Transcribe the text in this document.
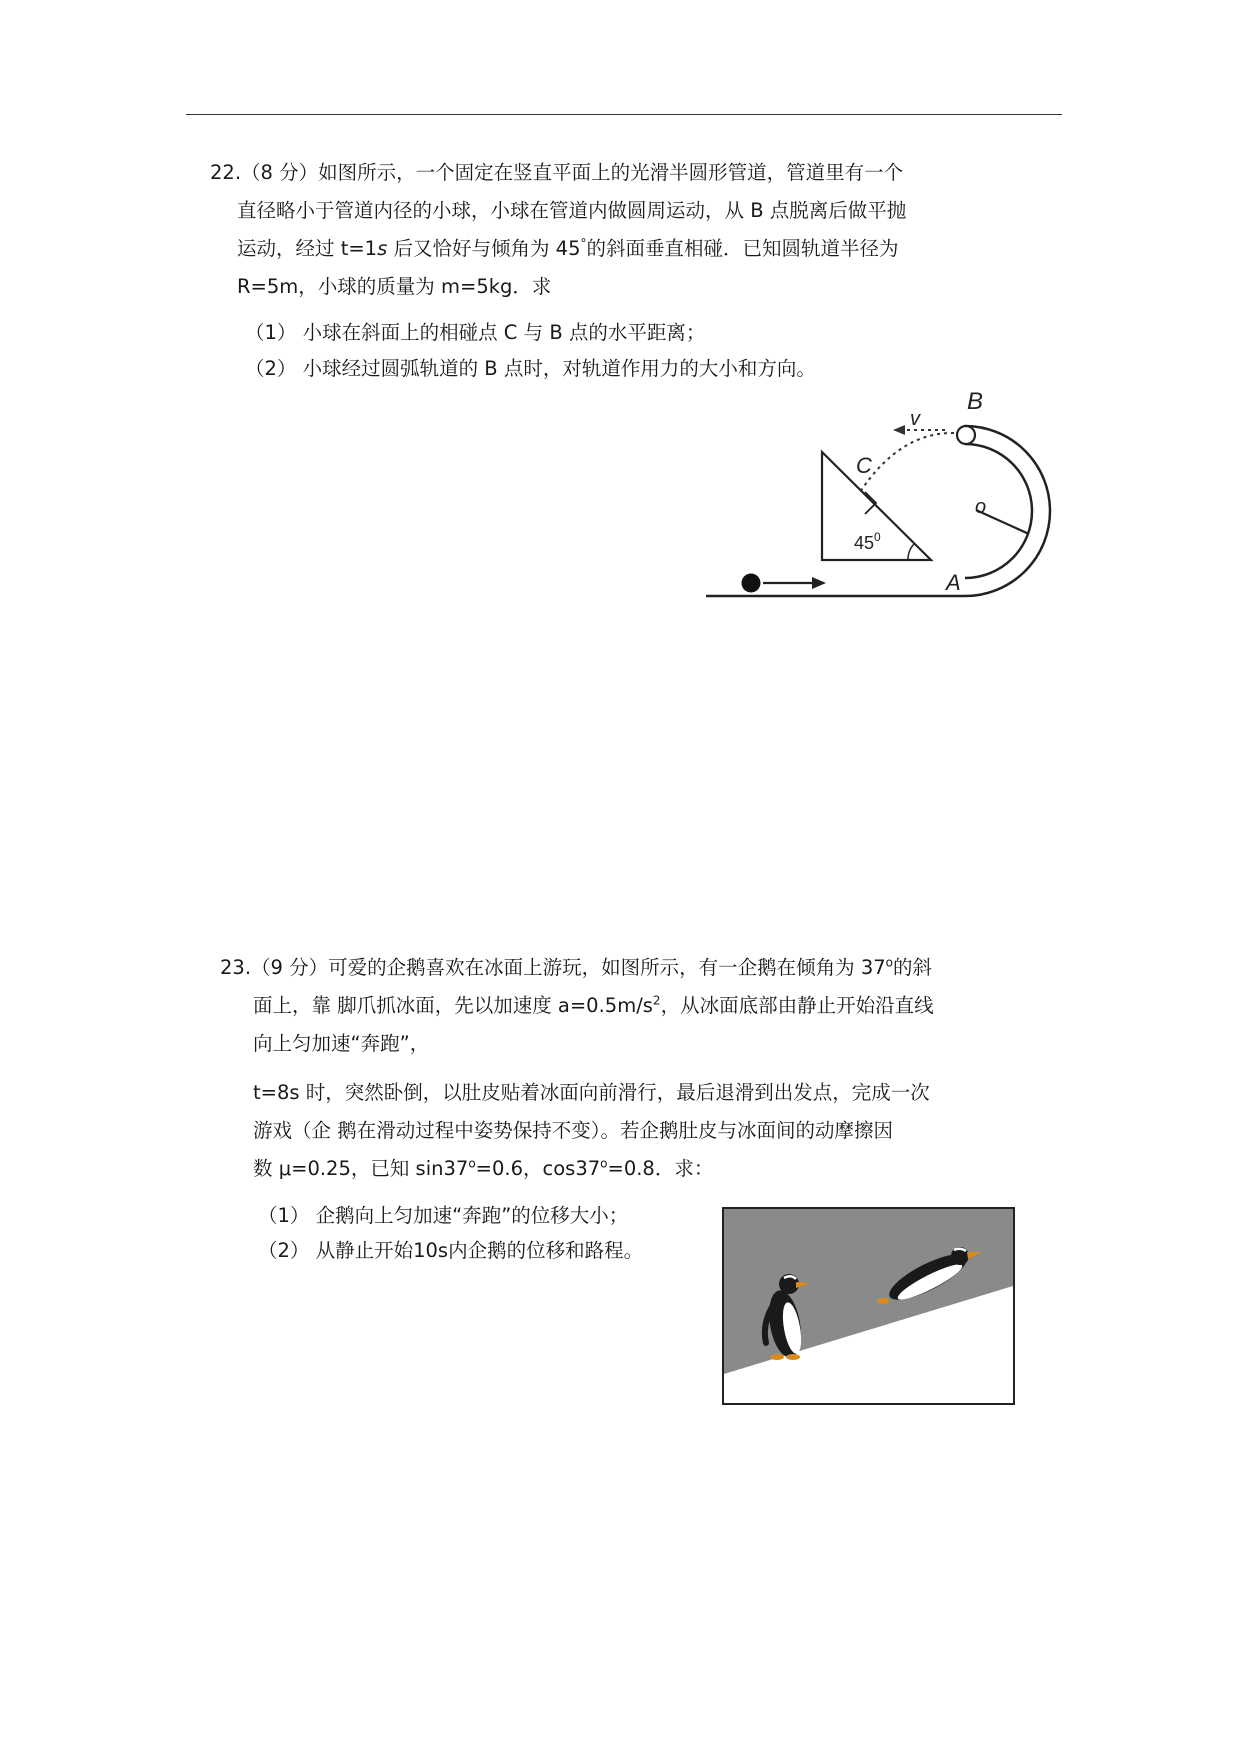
22.（8 分）如图所示，一个固定在竖直平面上的光滑半圆形管道，管道里有一个
直径略小于管道内径的小球，小球在管道内做圆周运动，从 B 点脱离后做平抛
运动，经过 t=1s 后又恰好与倾角为 45°的斜面垂直相碰．已知圆轨道半径为
R=5m，小球的质量为 m=5kg．求
（1） 小球在斜面上的相碰点 C 与 B 点的水平距离；
（2） 小球经过圆弧轨道的 B 点时，对轨道作用力的大小和方向。
B
v
C
o
$45^0$
A
23.（9 分）可爱的企鹅喜欢在冰面上游玩，如图所示，有一企鹅在倾角为 37$^o$的斜
面上，靠 脚爪抓冰面，先以加速度 $a=0.5m/s^2$，从冰面底部由静止开始沿直线
向上匀加速“奔跑”，
t=8s 时，突然卧倒，以肚皮贴着冰面向前滑行，最后退滑到出发点，完成一次
游戏（企 鹅在滑动过程中姿势保持不变）。若企鹅肚皮与冰面间的动摩擦因
数 μ=0.25，已知 $\sin 37^o=0.6$，$\cos 37^o=0.8$．求：
（1） 企鹅向上匀加速“奔跑”的位移大小；
（2） 从静止开始10s内企鹅的位移和路程。
